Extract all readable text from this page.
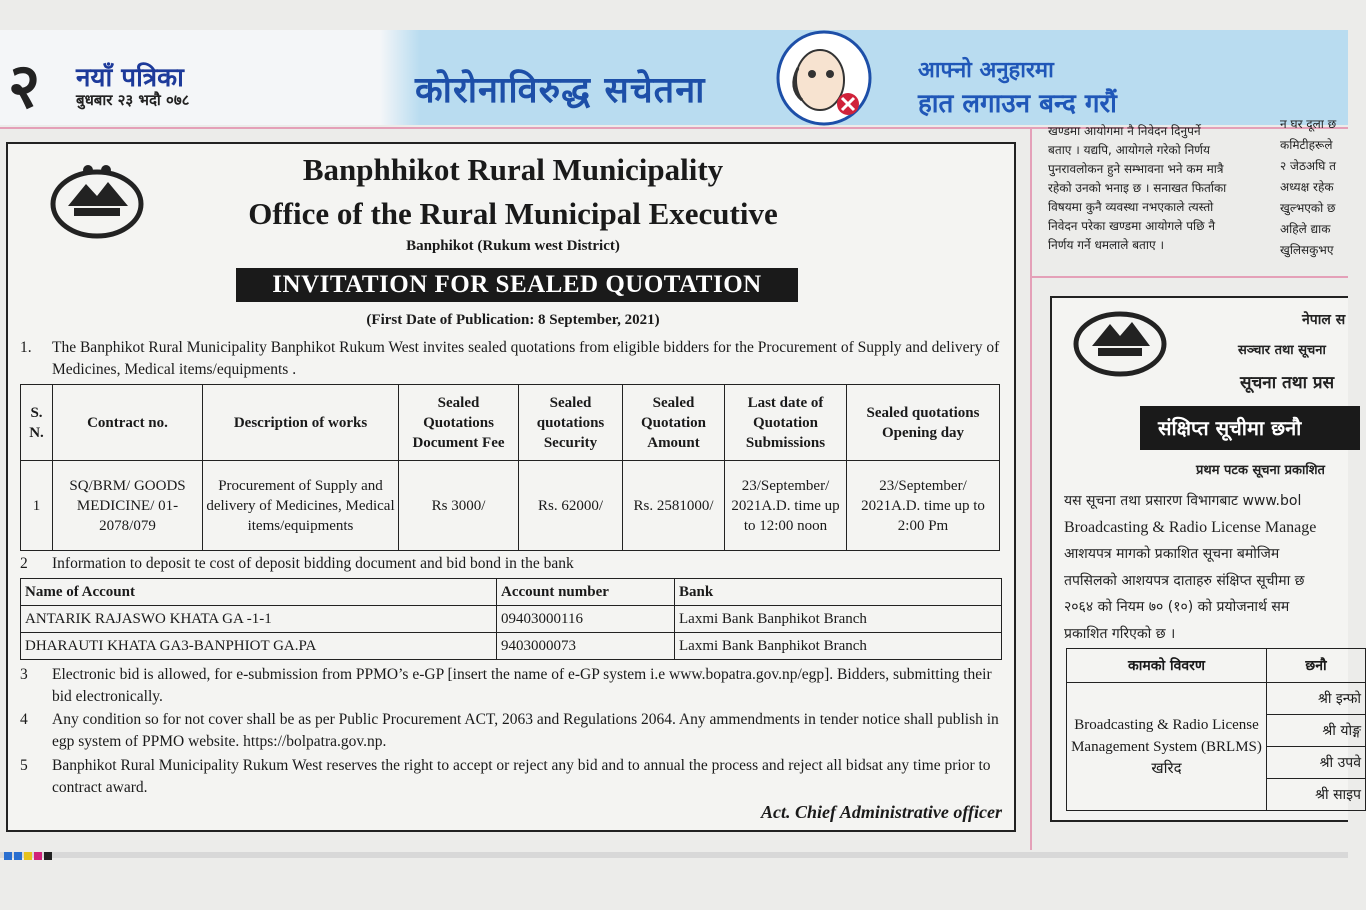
२ नयाँ पत्रिका
बुधबार २३ भदौ ०७८	कोरोनाविरुद्ध सचेतना	आफ्नो अनुहारमा
हात लगाउन बन्द गरौं
खण्डमा आयोगमा नै निवेदन दिनुपर्ने
बताए । यद्यपि, आयोगले गरेको निर्णय
पुनरावलोकन हुने सम्भावना भने कम मात्रै
रहेको उनको भनाइ छ । सनाखत फिर्ताका
विषयमा कुनै व्यवस्था नभएकाले त्यस्तो
निवेदन परेका खण्डमा आयोगले पछि नै
निर्णय गर्ने धमलाले बताए ।
न घर दूला छ
कमिटीहरूले
२ जेठअघि त
अध्यक्ष रहेक
खुल्भएको छ
अहिले द्याक
खुलिसकुभए
Banphhikot Rural Municipality
Office of the Rural Municipal Executive
Banphikot (Rukum west District)
INVITATION FOR SEALED QUOTATION
(First Date of Publication: 8 September, 2021)
1.	The Banphikot Rural Municipality Banphikot Rukum West invites sealed quotations from eligible bidders for the Procurement of Supply and delivery of Medicines, Medical items/equipments .
S. N.	Contract no.	Description of works	Sealed Quotations Document Fee	Sealed quotations Security	Sealed Quotation Amount	Last date of Quotation Submissions	Sealed quotations Opening day
1	SQ/BRM/ GOODS MEDICINE/ 01-2078/079	Procurement of Supply and delivery of Medicines, Medical items/equipments	Rs 3000/	Rs. 62000/	Rs. 2581000/	23/September/ 2021A.D. time up to 12:00 noon	23/September/ 2021A.D. time up to 2:00 Pm
2	Information to deposit te cost of deposit bidding document and bid bond in the bank
Name of Account	Account number	Bank
ANTARIK RAJASWO KHATA GA -1-1	09403000116	Laxmi Bank Banphikot Branch
DHARAUTI KHATA GA3-BANPHIOT GA.PA	9403000073	Laxmi Bank Banphikot Branch
3	Electronic bid is allowed, for e-submission from PPMO’s e-GP [insert the name of e-GP system i.e www.bopatra.gov.np/egp]. Bidders, submitting their bid electronically.
4	Any condition so for not cover shall be as per Public Procurement ACT, 2063 and Regulations 2064. Any ammendments in tender notice shall publish in egp system of PPMO website. https://bolpatra.gov.np.
5	Banphikot Rural Municipality Rukum West reserves the right to accept or reject any bid and to annual the process and reject all bidsat any time prior to contract award.
Act. Chief Administrative officer
नेपाल स
सञ्चार तथा सूचना
सूचना तथा प्रस
संक्षिप्त सूचीमा छनौ
प्रथम पटक सूचना प्रकाशित
यस सूचना तथा प्रसारण विभागबाट www.bol
Broadcasting & Radio License Manage
आशयपत्र मागको प्रकाशित सूचना बमोजिम
तपसिलको आशयपत्र दाताहरु संक्षिप्त सूचीमा छ
२०६४ को नियम ७० (१०) को प्रयोजनार्थ सम
प्रकाशित गरिएको छ ।
कामको विवरण	छनौ
Broadcasting & Radio License Management System (BRLMS) खरिद	श्री इन्फो
	श्री योङ्ग
	श्री उपवे
	श्री साइप
